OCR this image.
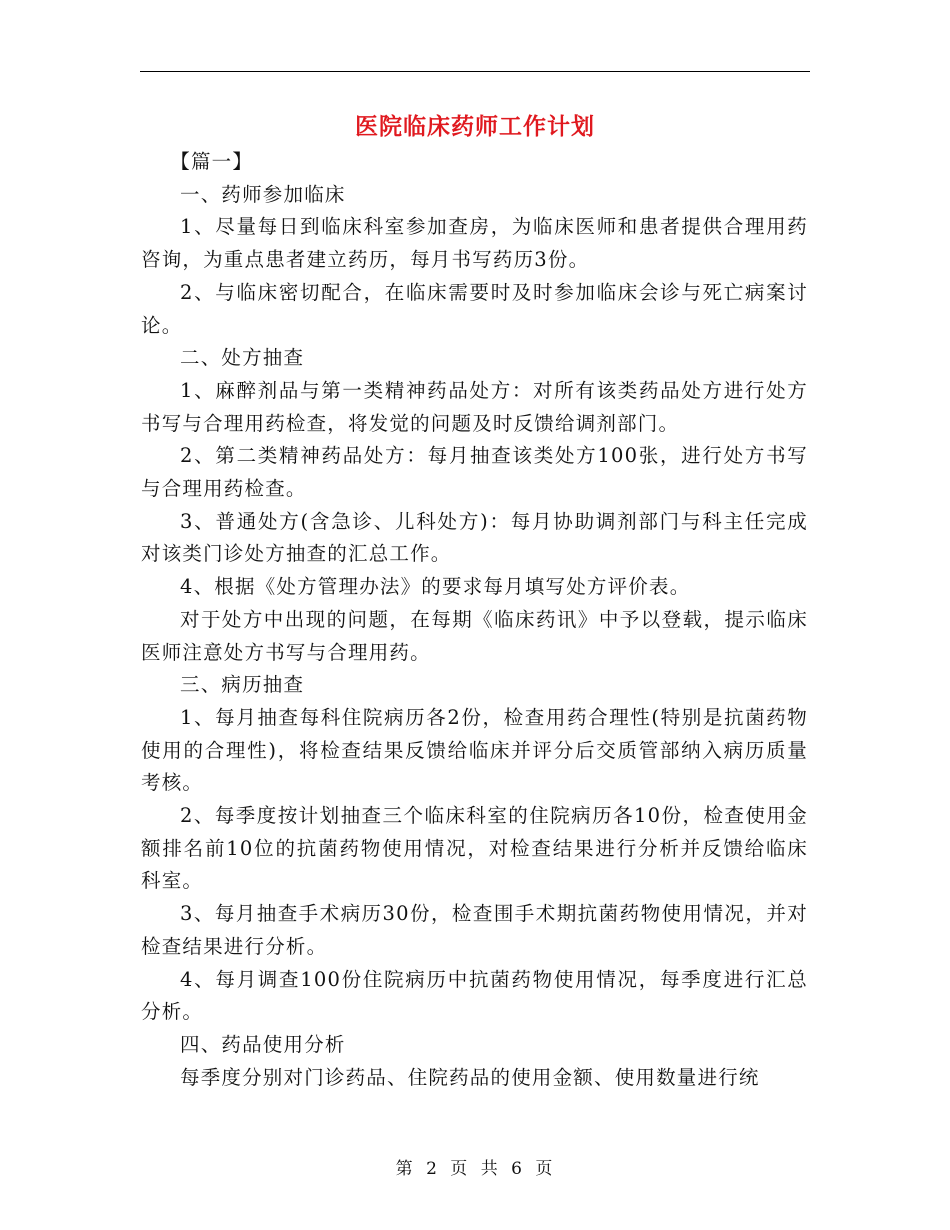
医院临床药师工作计划

【篇一】

一、药师参加临床

1、尽量每日到临床科室参加查房，为临床医师和患者提供合理用药咨询，为重点患者建立药历，每月书写药历3份。

2、与临床密切配合，在临床需要时及时参加临床会诊与死亡病案讨论。

二、处方抽查

1、麻醉剂品与第一类精神药品处方：对所有该类药品处方进行处方书写与合理用药检查，将发觉的问题及时反馈给调剂部门。

2、第二类精神药品处方：每月抽查该类处方100张，进行处方书写与合理用药检查。

3、普通处方(含急诊、儿科处方)：每月协助调剂部门与科主任完成对该类门诊处方抽查的汇总工作。

4、根据《处方管理办法》的要求每月填写处方评价表。

对于处方中出现的问题，在每期《临床药讯》中予以登载，提示临床医师注意处方书写与合理用药。

三、病历抽查

1、每月抽查每科住院病历各2份，检查用药合理性(特别是抗菌药物使用的合理性)，将检查结果反馈给临床并评分后交质管部纳入病历质量考核。

2、每季度按计划抽查三个临床科室的住院病历各10份，检查使用金额排名前10位的抗菌药物使用情况，对检查结果进行分析并反馈给临床科室。

3、每月抽查手术病历30份，检查围手术期抗菌药物使用情况，并对检查结果进行分析。

4、每月调查100份住院病历中抗菌药物使用情况，每季度进行汇总分析。

四、药品使用分析

每季度分别对门诊药品、住院药品的使用金额、使用数量进行统

第 2 页 共 6 页
